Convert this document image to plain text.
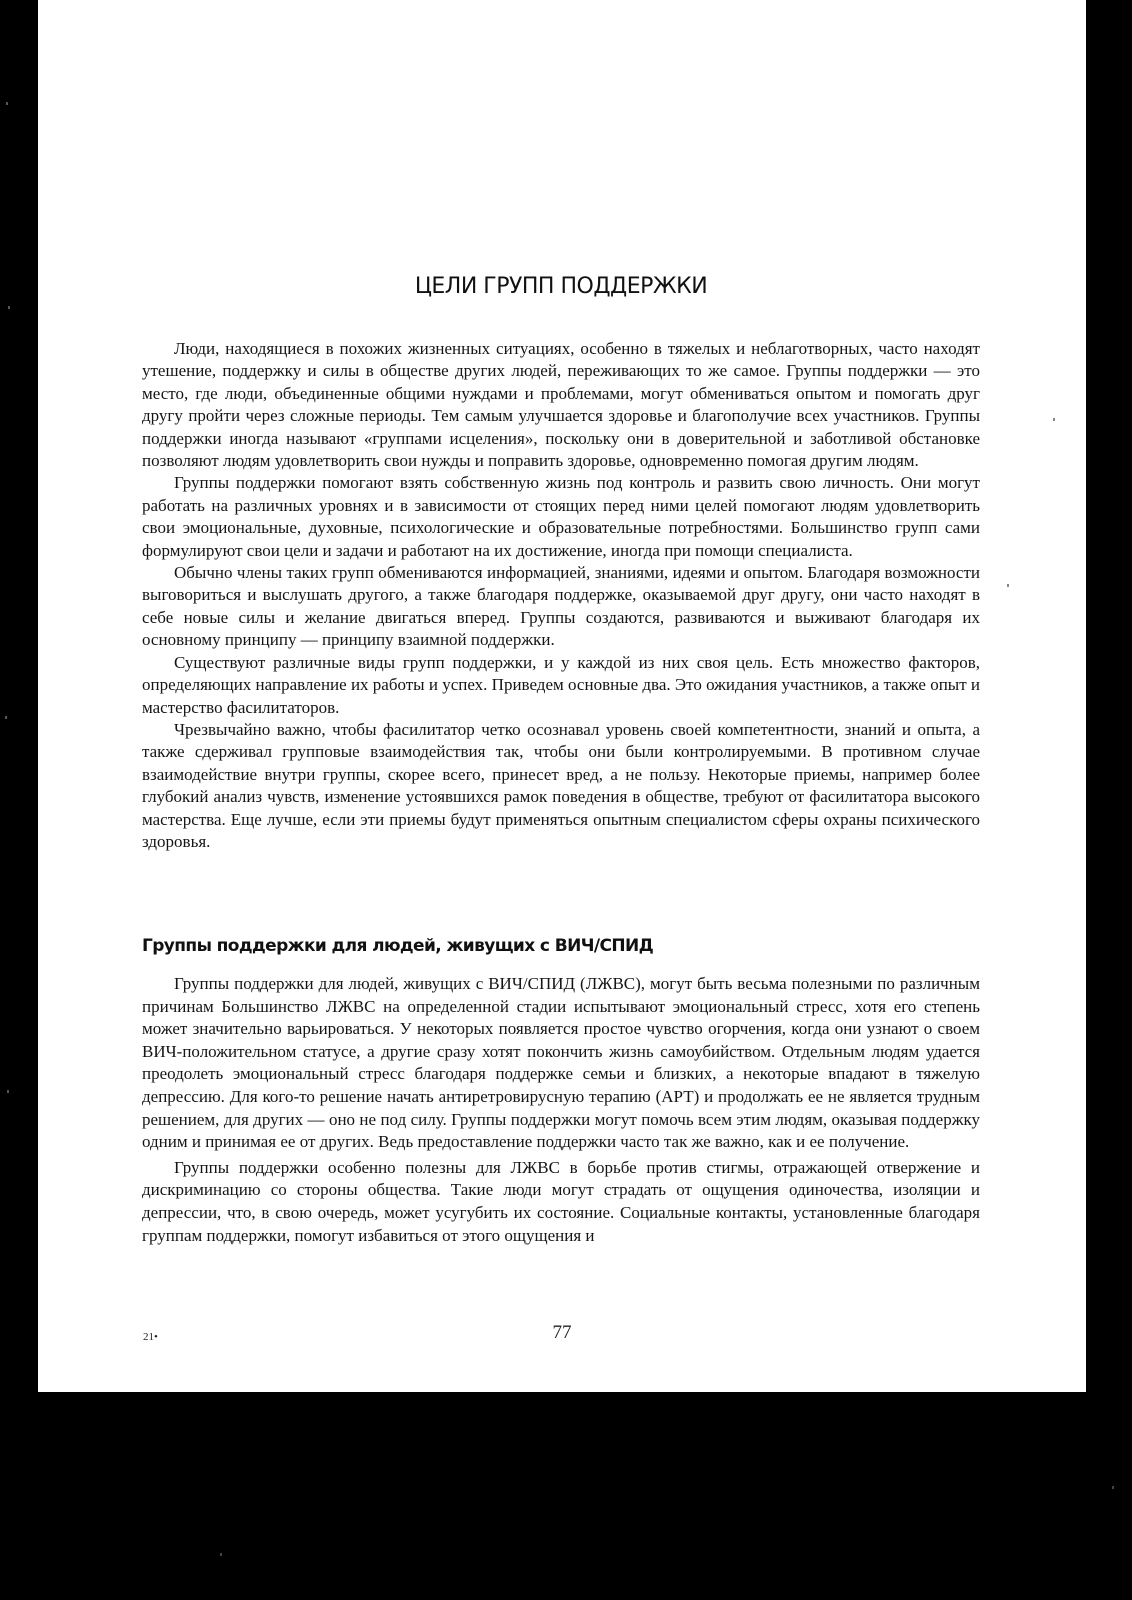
ЦЕЛИ ГРУПП ПОДДЕРЖКИ

Люди, находящиеся в похожих жизненных ситуациях, особенно в тяжелых и неблаготворных, часто находят утешение, поддержку и силы в обществе других людей, переживающих то же самое. Группы поддержки — это место, где люди, объединенные общими нуждами и проблемами, могут обмениваться опытом и помогать друг другу пройти через сложные периоды. Тем самым улучшается здоровье и благополучие всех участников. Группы поддержки иногда называют «группами исцеления», поскольку они в доверительной и заботливой обстановке позволяют людям удовлетворить свои нужды и поправить здоровье, одновременно помогая другим людям.

Группы поддержки помогают взять собственную жизнь под контроль и развить свою личность. Они могут работать на различных уровнях и в зависимости от стоящих перед ними целей помогают людям удовлетворить свои эмоциональные, духовные, психологические и образовательные потребностями. Большинство групп сами формулируют свои цели и задачи и работают на их достижение, иногда при помощи специалиста.

Обычно члены таких групп обмениваются информацией, знаниями, идеями и опытом. Благодаря возможности выговориться и выслушать другого, а также благодаря поддержке, оказываемой друг другу, они часто находят в себе новые силы и желание двигаться вперед. Группы создаются, развиваются и выживают благодаря их основному принципу — принципу взаимной поддержки.

Существуют различные виды групп поддержки, и у каждой из них своя цель. Есть множество факторов, определяющих направление их работы и успех. Приведем основные два. Это ожидания участников, а также опыт и мастерство фасилитаторов.

Чрезвычайно важно, чтобы фасилитатор четко осознавал уровень своей компетентности, знаний и опыта, а также сдерживал групповые взаимодействия так, чтобы они были контролируемыми. В противном случае взаимодействие внутри группы, скорее всего, принесет вред, а не пользу. Некоторые приемы, например более глубокий анализ чувств, изменение устоявшихся рамок поведения в обществе, требуют от фасилитатора высокого мастерства. Еще лучше, если эти приемы будут применяться опытным специалистом сферы охраны психического здоровья.

Группы поддержки для людей, живущих с ВИЧ/СПИД

Группы поддержки для людей, живущих с ВИЧ/СПИД (ЛЖВС), могут быть весьма полезными по различным причинам Большинство ЛЖВС на определенной стадии испытывают эмоциональный стресс, хотя его степень может значительно варьироваться. У некоторых появляется простое чувство огорчения, когда они узнают о своем ВИЧ-положительном статусе, а другие сразу хотят покончить жизнь самоубийством. Отдельным людям удается преодолеть эмоциональный стресс благодаря поддержке семьи и близких, а некоторые впадают в тяжелую депрессию. Для кого-то решение начать антиретровирусную терапию (АРТ) и продолжать ее не является трудным решением, для других — оно не под силу. Группы поддержки могут помочь всем этим людям, оказывая поддержку одним и принимая ее от других. Ведь предоставление поддержки часто так же важно, как и ее получение.

Группы поддержки особенно полезны для ЛЖВС в борьбе против стигмы, отражающей отвержение и дискриминацию со стороны общества. Такие люди могут страдать от ощущения одиночества, изоляции и депрессии, что, в свою очередь, может усугубить их состояние. Социальные контакты, установленные благодаря группам поддержки, помогут избавиться от этого ощущения и

21•	77
